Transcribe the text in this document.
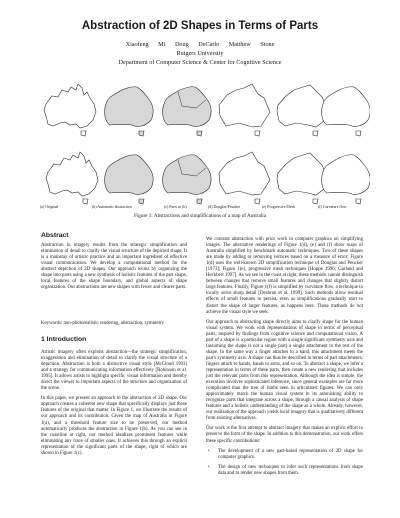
Abstraction of 2D Shapes in Terms of Parts
Xiaofeng Mi Doug DeCarlo Matthew Stone
Rutgers University
Department of Computer Science & Center for Cognitive Science
(a) Original	(b) Automatic abstraction	(c) Parts in (b)	(d) Douglas-Peucker	(e) Progressive Mesh	(f) Curvature flow
Figure 1: Abstractions and simplifications of a map of Australia
Abstract

Abstraction in imagery results from the strategic simplification and elimination of detail to clarify the visual structure of the depicted shape. It is a mainstay of artistic practice and an important ingredient of effective visual communication. We develop a computational method for the abstract depiction of 2D shapes. Our approach works by organizing the shape into parts using a new synthesis of holistic features of the part shape, local features of the shape boundary, and global aspects of shape organization. Our abstractions are new shapes with fewer and clearer parts.

Keywords: non-photorealistic rendering, abstraction, symmetry
1 Introduction

Artistic imagery often exploits abstraction—the strategic simplification, exaggeration and elimination of detail to clarify the visual structure of a depiction. Abstraction is both a distinctive visual style [McCloud 1993] and a strategy for communicating information effectively [Robinson et al. 1995]. It allows artists to highlight specific visual information and thereby direct the viewer to important aspects of the structure and organization of the scene.

In this paper, we present an approach to the abstraction of 2D shape. Our approach creates a coherent new shape that specifically displays just those features of the original that matter. In Figure 1, we illustrate the results of our approach and its contribution. Given the map of Australia in Figure 1(a), and a threshold feature size to be preserved, our method automatically produces the abstraction in Figure 1(b). As you can see in the coastline at right, our method idealizes prominent features while eliminating any trace of smaller ones. It achieves this through an explicit representation of the significant parts of the shape, right of which are shown in Figure 1(c).

We contrast abstraction with prior work in computer graphics on simplifying images. The alternative renderings of Figure 1(d), (e) and (f) show maps of Australia simplified by benchmark automatic techniques. Two of these shapes are made by adding or removing vertices based on a measure of error: Figure 1(d) uses the well-known 2D simplification technique of Douglas and Peucker [1973]; Figure 1(e), progressive mesh techniques [Hoppe 1996; Garland and Heckbert 1997]. As we see in the coast at right, these methods cannot distinguish between changes that remove small features and changes that slightly distort large features. Finally, Figure 1(f) is simplified by curvature flow, a technique to locally solve sharp detail [Desbrun et al. 1999]. Such methods allow residual effects of small features to persist, even as simplifications gradually start to distort the shape of larger features, as happens here. These methods do not achieve the visual style we seek.

Our approach to abstracting shape directly aims to clarify shape for the human visual system. We work with representations of shape in terms of perceptual parts, inspired by findings from cognitive science and computational vision. A part of a shape is a particular region with a single significant symmetry axis and (assuming the shape is not a single part) a single attachment to the rest of the shape. In the same way a finger attaches to a hand, this attachment meets the part's symmetry axis. A shape can thus be described in terms of part attachments: fingers attach to hands, hands to arms, and so on. To abstract a shape, we infer a representation in terms of these parts, then create a new rendering that includes just the relevant parts from this representation. Although the idea is simple, the execution involves sophisticated inference, since general examples are far more complicated than the tree of limbs seen in articulated figures. We can only approximately match the human visual system in its astonishing ability to recognize parts that integrate across a shape, through a causal analysis of shape features and a holistic understanding of the shape as a whole. Already, however, our realization of the approach yields lucid imagery that is qualitatively different from existing alternatives.

Our work is the first attempt to abstract imagery that makes an explicit effort to preserve the form of the shape. In addition to this demonstration, our work offers these specific contributions:

• The development of a new part-based representation of 2D shape for computer graphics.
• The design of new techniques to infer such representations from shape data and to render new shapes from them.
